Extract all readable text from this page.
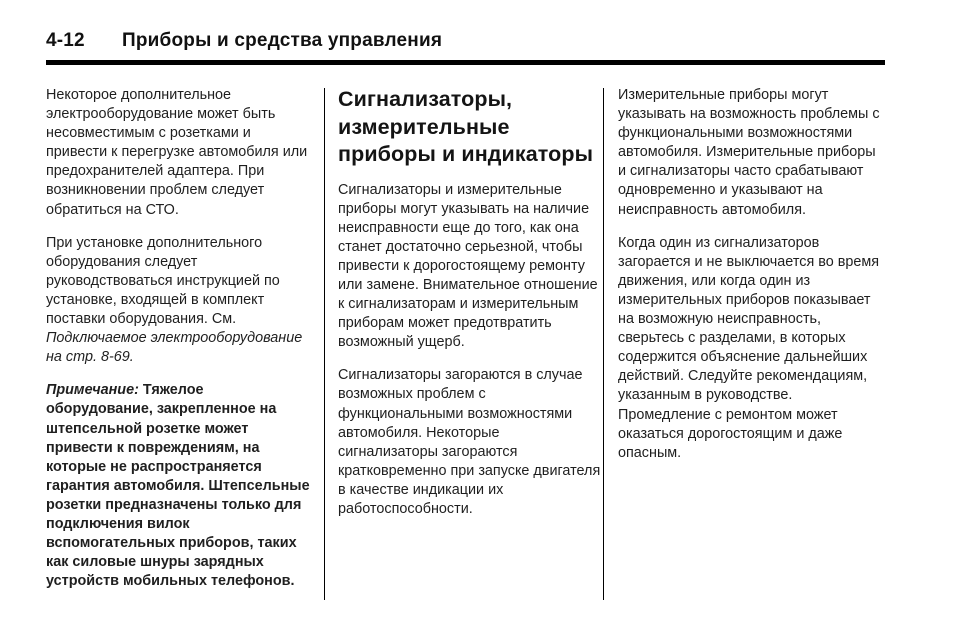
4-12	Приборы и средства управления

Некоторое дополнительное электрооборудование может быть несовместимым с розетками и привести к перегрузке автомобиля или предохранителей адаптера. При возникновении проблем следует обратиться на СТО.

При установке дополнительного оборудования следует руководствоваться инструкцией по установке, входящей в комплект поставки оборудования. См. Подключаемое электрооборудование на стр. 8-69.

Примечание: Тяжелое оборудование, закрепленное на штепсельной розетке может привести к повреждениям, на которые не распространяется гарантия автомобиля. Штепсельные розетки предназначены только для подключения вилок вспомогательных приборов, таких как силовые шнуры зарядных устройств мобильных телефонов.

Сигнализаторы, измерительные приборы и индикаторы

Сигнализаторы и измерительные приборы могут указывать на наличие неисправности еще до того, как она станет достаточно серьезной, чтобы привести к дорогостоящему ремонту или замене. Внимательное отношение к сигнализаторам и измерительным приборам может предотвратить возможный ущерб.

Сигнализаторы загораются в случае возможных проблем с функциональными возможностями автомобиля. Некоторые сигнализаторы загораются кратковременно при запуске двигателя в качестве индикации их работоспособности.

Измерительные приборы могут указывать на возможность проблемы с функциональными возможностями автомобиля. Измерительные приборы и сигнализаторы часто срабатывают одновременно и указывают на неисправность автомобиля.

Когда один из сигнализаторов загорается и не выключается во время движения, или когда один из измерительных приборов показывает на возможную неисправность, сверьтесь с разделами, в которых содержится объяснение дальнейших действий. Следуйте рекомендациям, указанным в руководстве. Промедление с ремонтом может оказаться дорогостоящим и даже опасным.
